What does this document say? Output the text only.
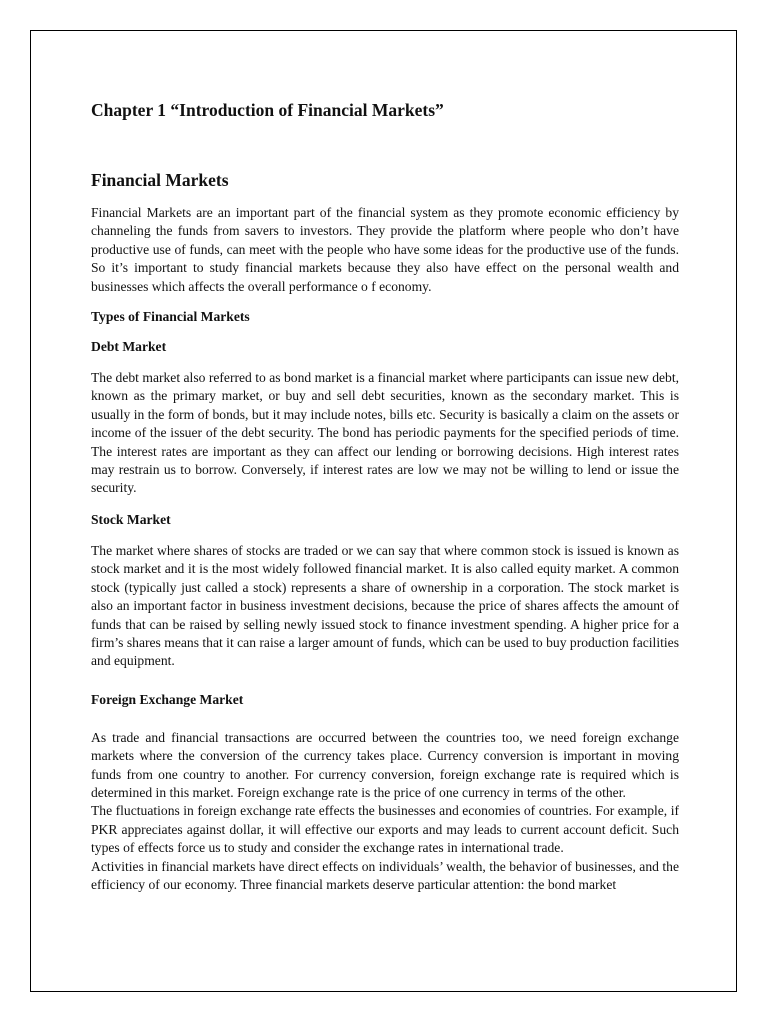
Chapter 1 “Introduction of Financial Markets”
Financial Markets

Financial Markets are an important part of the financial system as they promote economic efficiency by channeling the funds from savers to investors. They provide the platform where people who don’t have productive use of funds, can meet with the people who have some ideas for the productive use of the funds. So it’s important to study financial markets because they also have effect on the personal wealth and businesses which affects the overall performance o f economy.

Types of Financial Markets
Debt Market

The debt market also referred to as bond market is a financial market where participants can issue new debt, known as the primary market, or buy and sell debt securities, known as the secondary market. This is usually in the form of bonds, but it may include notes, bills etc. Security is basically a claim on the assets or income of the issuer of the debt security. The bond has periodic payments for the specified periods of time. The interest rates are important as they can affect our lending or borrowing decisions. High interest rates may restrain us to borrow. Conversely, if interest rates are low we may not be willing to lend or issue the security.

Stock Market

The market where shares of stocks are traded or we can say that where common stock is issued is known as stock market and it is the most widely followed financial market. It is also called equity market. A common stock (typically just called a stock) represents a share of ownership in a corporation. The stock market is also an important factor in business investment decisions, because the price of shares affects the amount of funds that can be raised by selling newly issued stock to finance investment spending. A higher price for a firm’s shares means that it can raise a larger amount of funds, which can be used to buy production facilities and equipment.

Foreign Exchange Market

As trade and financial transactions are occurred between the countries too, we need foreign exchange markets where the conversion of the currency takes place. Currency conversion is important in moving funds from one country to another. For currency conversion, foreign exchange rate is required which is determined in this market. Foreign exchange rate is the price of one currency in terms of the other.

The fluctuations in foreign exchange rate effects the businesses and economies of countries. For example, if PKR appreciates against dollar, it will effective our exports and may leads to current account deficit. Such types of effects force us to study and consider the exchange rates in international trade.

Activities in financial markets have direct effects on individuals’ wealth, the behavior of businesses, and the efficiency of our economy. Three financial markets deserve particular attention: the bond market
